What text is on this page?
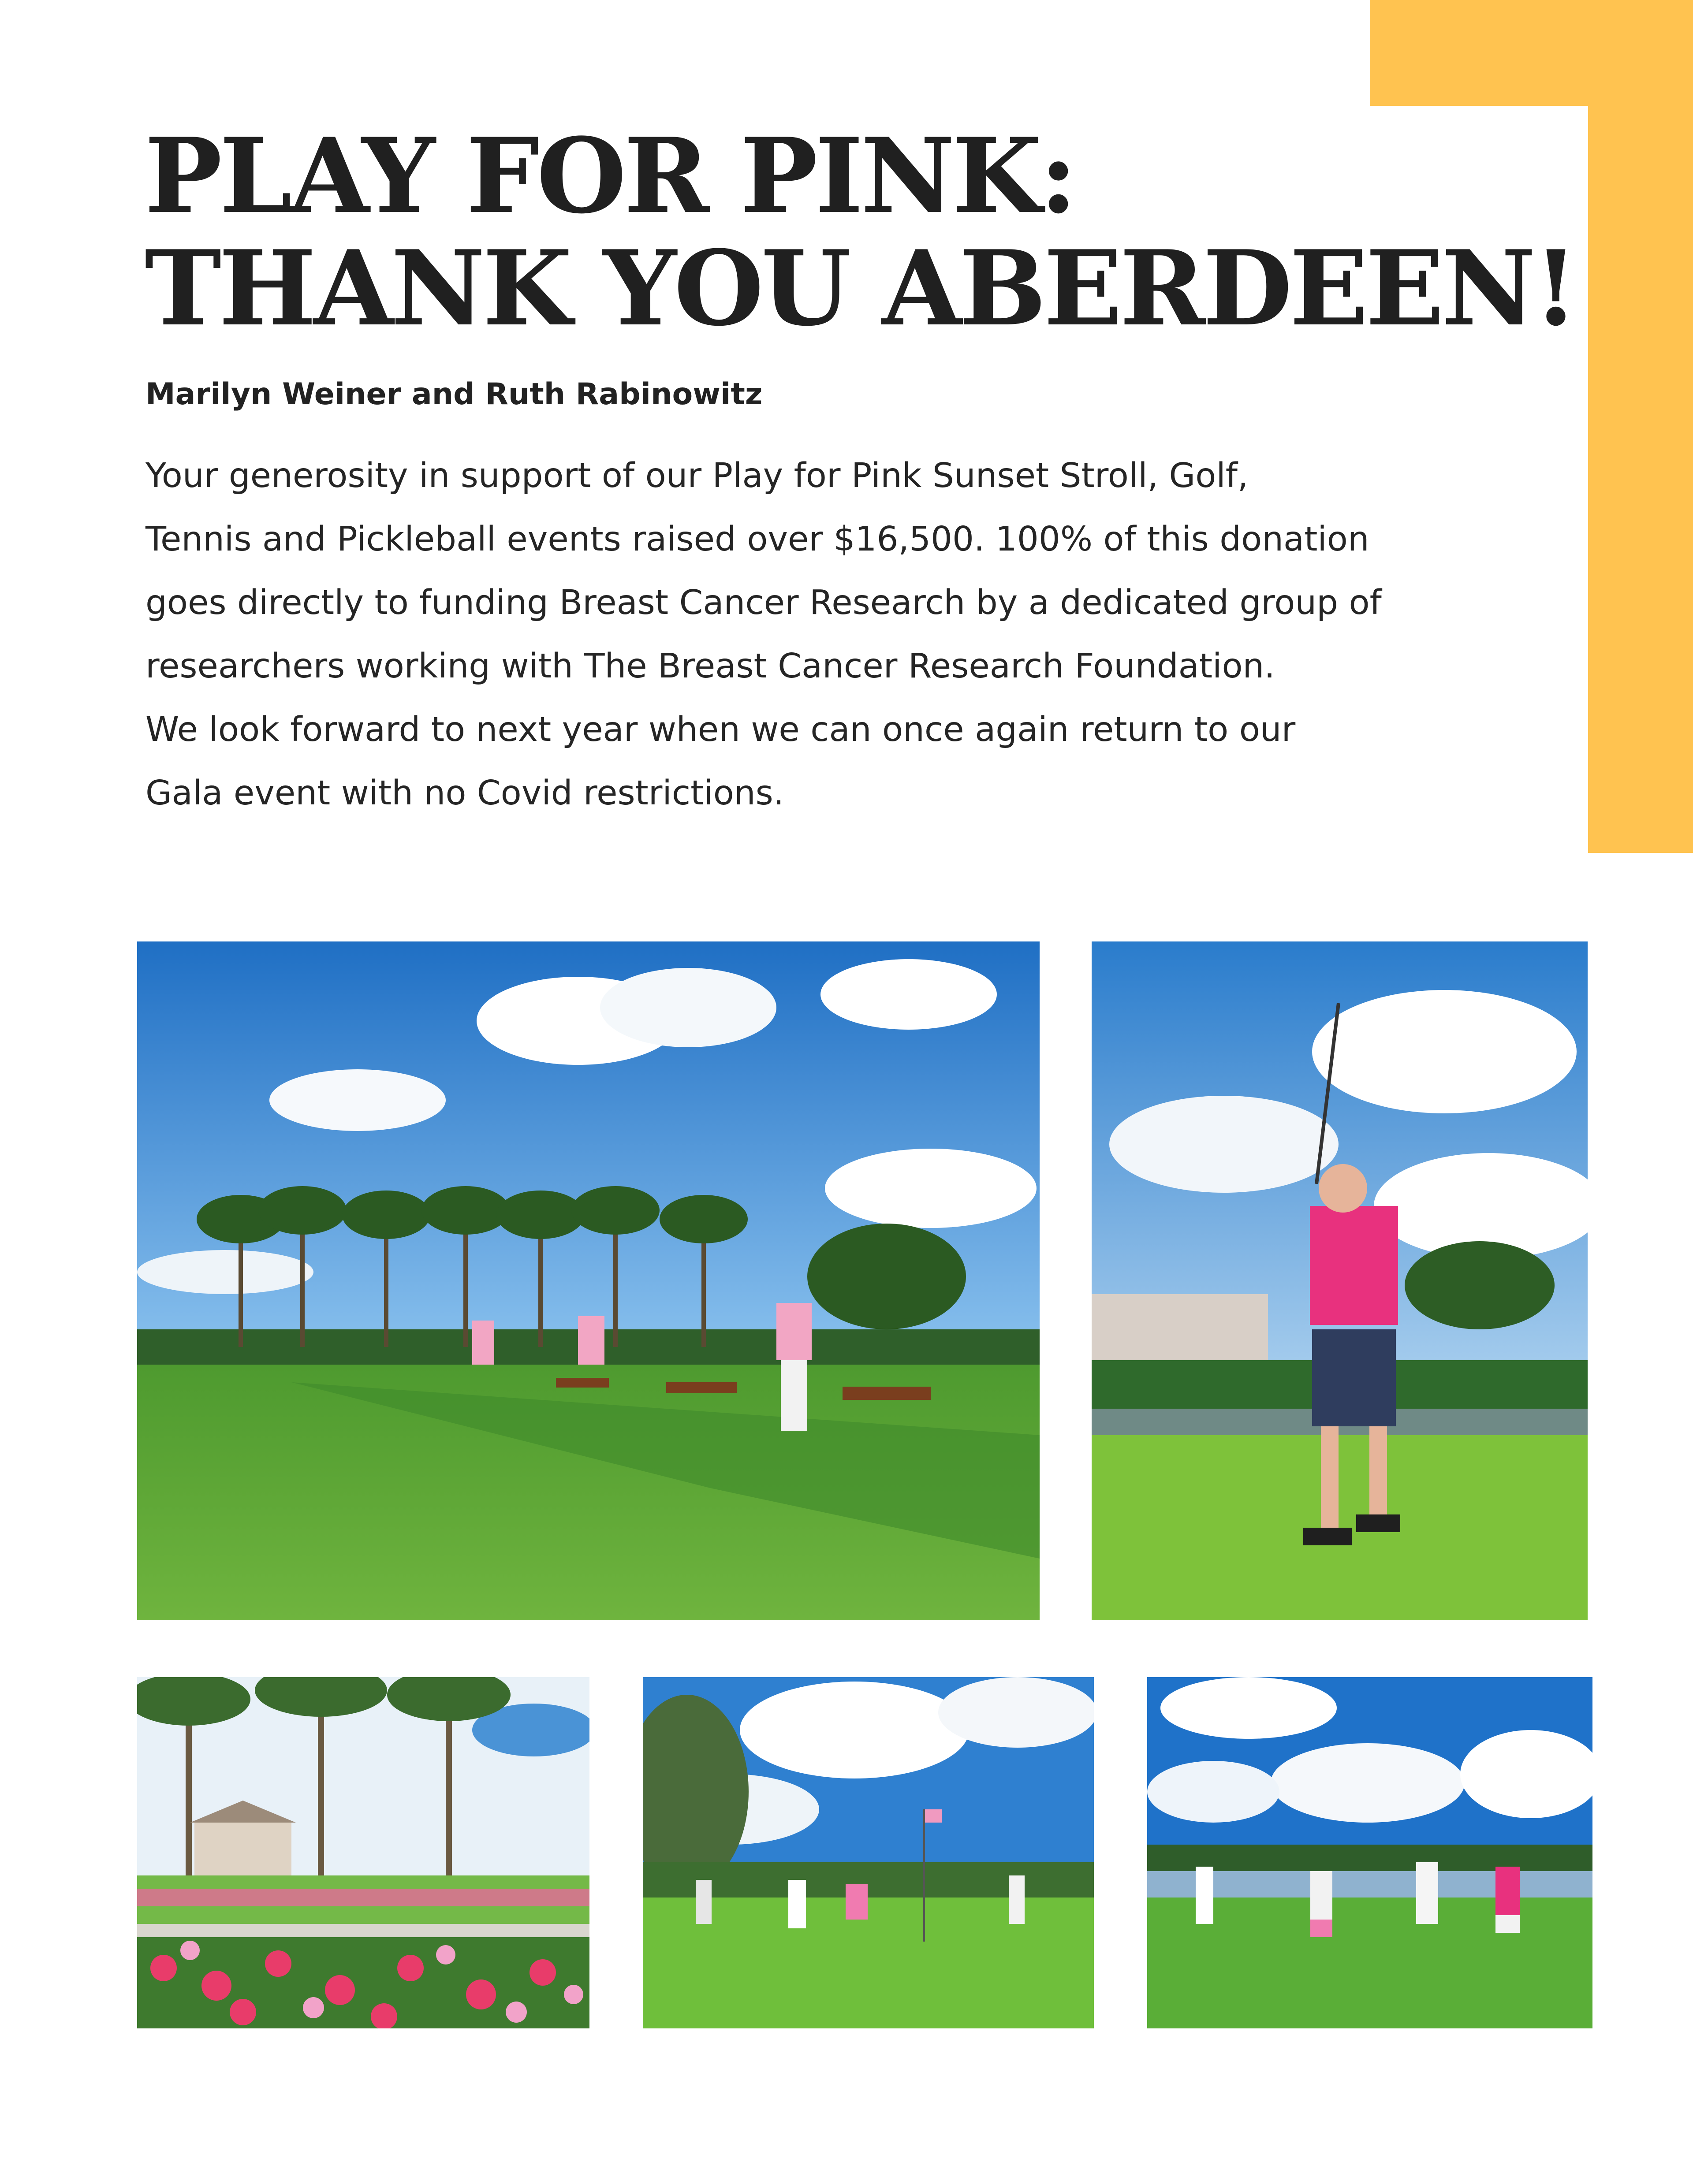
PLAY FOR PINK:
THANK YOU ABERDEEN!
Marilyn Weiner and Ruth Rabinowitz
Your generosity in support of our Play for Pink Sunset Stroll, Golf,
Tennis and Pickleball events raised over $16,500. 100% of this donation
goes directly to funding Breast Cancer Research by a dedicated group of
researchers working with The Breast Cancer Research Foundation.
We look forward to next year when we can once again return to our
Gala event with no Covid restrictions.
